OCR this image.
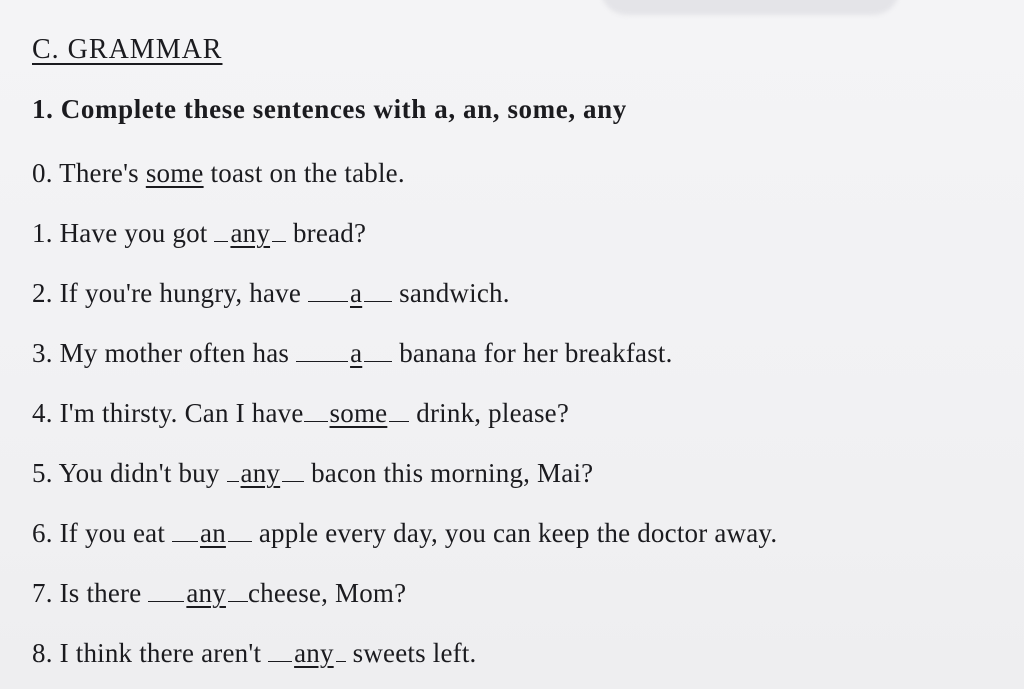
C. GRAMMAR
1. Complete these sentences with a, an, some, any
0. There's some toast on the table.
1. Have you got any bread?
2. If you're hungry, have a sandwich.
3. My mother often has a banana for her breakfast.
4. I'm thirsty. Can I have some drink, please?
5. You didn't buy any bacon this morning, Mai?
6. If you eat an apple every day, you can keep the doctor away.
7. Is there any cheese, Mom?
8. I think there aren't any sweets left.
